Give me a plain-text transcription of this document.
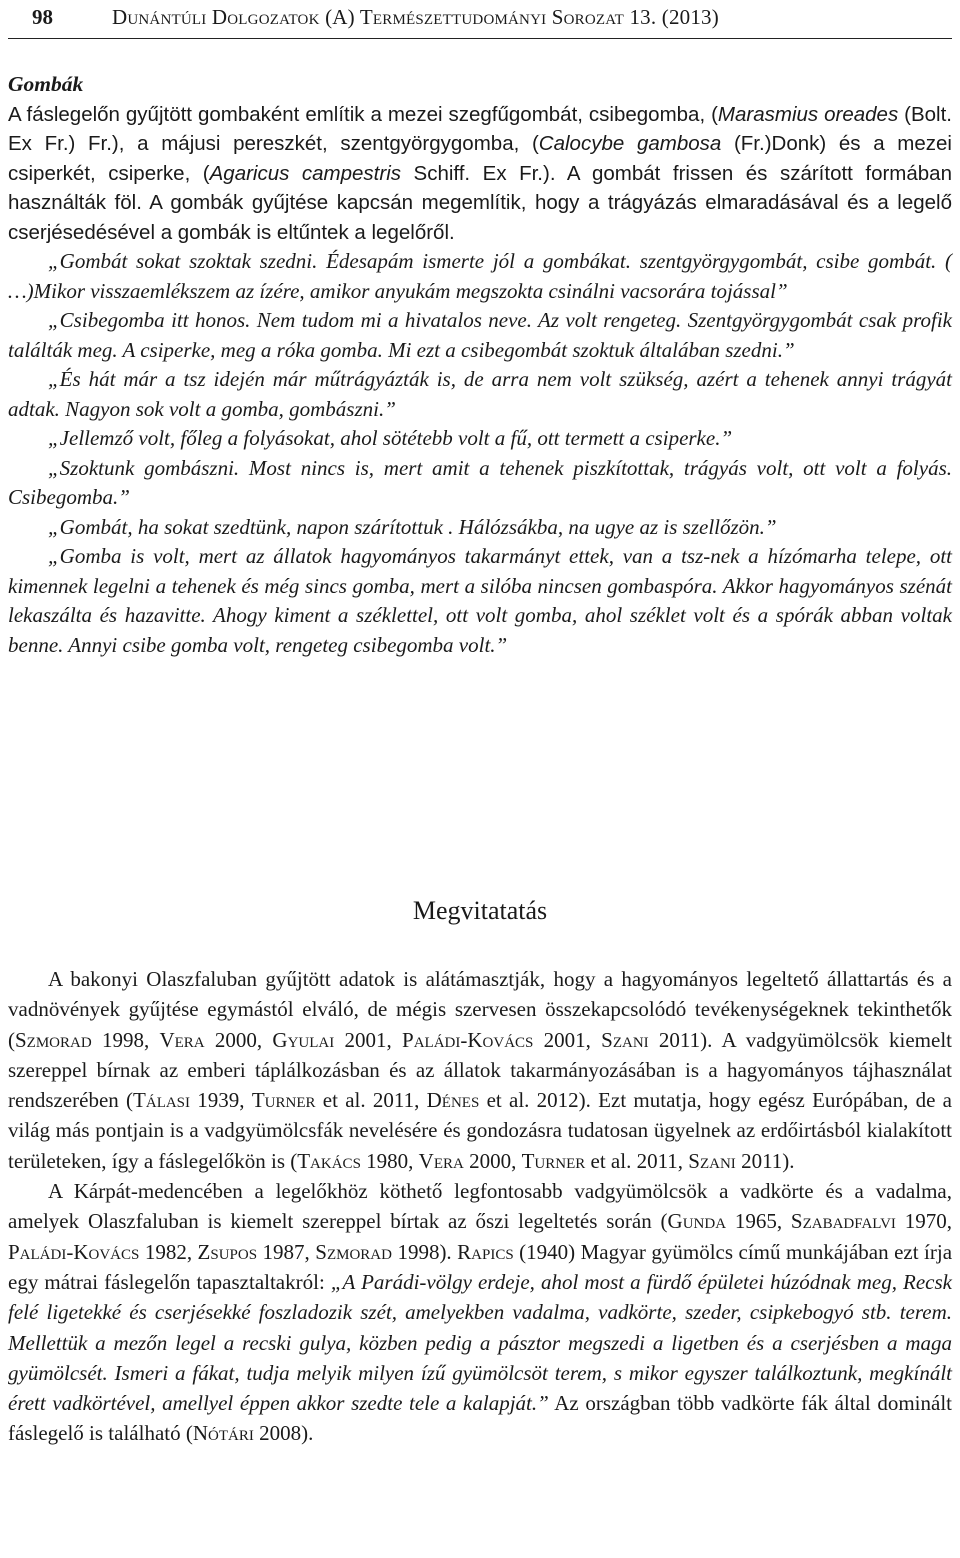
98	Dunántúli Dolgozatok (A) Természettudományi Sorozat 13. (2013)
Gombák

A fáslegelőn gyűjtött gombaként említik a mezei szegfűgombát, csibegomba, (Marasmius oreades (Bolt. Ex Fr.) Fr.), a májusi pereszkét, szentgyörgygomba, (Calocybe gambosa (Fr.)Donk) és a mezei csiperkét, csiperke, (Agaricus campestris Schiff. Ex Fr.). A gombát frissen és szárított formában használták föl. A gombák gyűjtése kapcsán megemlítik, hogy a trágyázás elmaradásával és a legelő cserjésedésével a gombák is eltűntek a legelőről.

„Gombát sokat szoktak szedni. Édesapám ismerte jól a gombákat. szentgyörgygombát, csibe gombát. ( …)Mikor visszaemlékszem az ízére, amikor anyukám megszokta csinálni vacsorára tojással”

„Csibegomba itt honos. Nem tudom mi a hivatalos neve. Az volt rengeteg. Szentgyörgygombát csak profik találták meg. A csiperke, meg a róka gomba. Mi ezt a csibegombát szoktuk általában szedni.”

„És hát már a tsz idején már műtrágyázták is, de arra nem volt szükség, azért a tehenek annyi trágyát adtak. Nagyon sok volt a gomba, gombászni.”

„Jellemző volt, főleg a folyásokat, ahol sötétebb volt a fű, ott termett a csiperke.”

„Szoktunk gombászni. Most nincs is, mert amit a tehenek piszkítottak, trágyás volt, ott volt a folyás. Csibegomba.”

„Gombát, ha sokat szedtünk, napon szárítottuk . Hálózsákba, na ugye az is szellőzön.”

„Gomba is volt, mert az állatok hagyományos takarmányt ettek, van a tsz-nek a hízómarha telepe, ott kimennek legelni a tehenek és még sincs gomba, mert a silóba nincsen gombaspóra. Akkor hagyományos szénát lekaszálta és hazavitte. Ahogy kiment a széklettel, ott volt gomba, ahol széklet volt és a spórák abban voltak benne. Annyi csibe gomba volt, rengeteg csibegomba volt.”

Megvitatatás

A bakonyi Olaszfaluban gyűjtött adatok is alátámasztják, hogy a hagyományos legeltető állattartás és a vadnövények gyűjtése egymástól elváló, de mégis szervesen összekapcsolódó tevékenységeknek tekinthetők (Szmorad 1998, Vera 2000, Gyulai 2001, Paládi-Kovács 2001, Szani 2011). A vadgyümölcsök kiemelt szereppel bírnak az emberi táplálkozásban és az állatok takarmányozásában is a hagyományos tájhasználat rendszerében (Tálasi 1939, Turner et al. 2011, Dénes et al. 2012). Ezt mutatja, hogy egész Európában, de a világ más pontjain is a vadgyümölcsfák nevelésére és gondozásra tudatosan ügyelnek az erdőirtásból kialakított területeken, így a fáslegelőkön is (Takács 1980, Vera 2000, Turner et al. 2011, Szani 2011).

A Kárpát-medencében a legelőkhöz köthető legfontosabb vadgyümölcsök a vadkörte és a vadalma, amelyek Olaszfaluban is kiemelt szereppel bírtak az őszi legeltetés során (Gunda 1965, Szabadfalvi 1970, Paládi-Kovács 1982, Zsupos 1987, Szmorad 1998). Rapics (1940) Magyar gyümölcs című munkájában ezt írja egy mátrai fáslegelőn tapasztaltakról: „A Parádi-völgy erdeje, ahol most a fürdő épületei húzódnak meg, Recsk felé ligetekké és cserjésekké foszladozik szét, amelyekben vadalma, vadkörte, szeder, csipkebogyó stb. terem. Mellettük a mezőn legel a recski gulya, közben pedig a pásztor megszedi a ligetben és a cserjésben a maga gyümölcsét. Ismeri a fákat, tudja melyik milyen ízű gyümölcsöt terem, s mikor egyszer találkoztunk, megkínált érett vadkörtével, amellyel éppen akkor szedte tele a kalapját.” Az országban több vadkörte fák által dominált fáslegelő is található (Nótári 2008).
